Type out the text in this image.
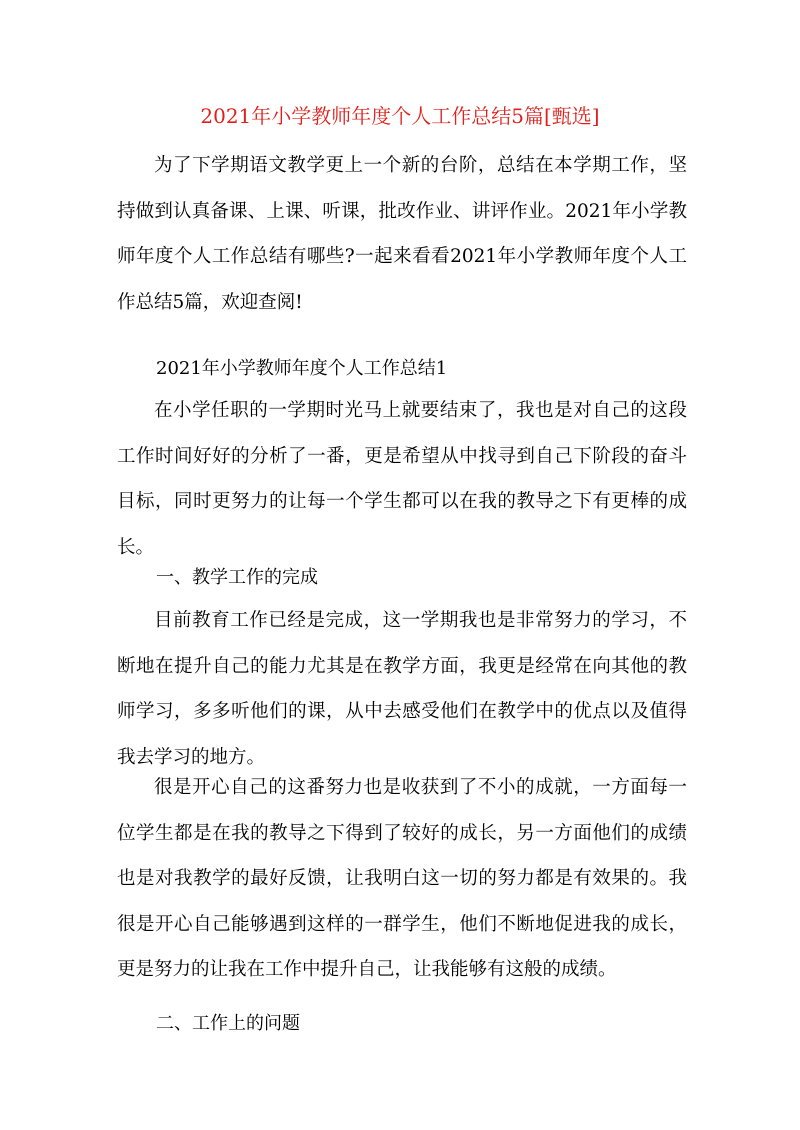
2021年小学教师年度个人工作总结5篇[甄选]

为了下学期语文教学更上一个新的台阶，总结在本学期工作，坚持做到认真备课、上课、听课，批改作业、讲评作业。2021年小学教师年度个人工作总结有哪些?一起来看看2021年小学教师年度个人工作总结5篇，欢迎查阅!

2021年小学教师年度个人工作总结1

在小学任职的一学期时光马上就要结束了，我也是对自己的这段工作时间好好的分析了一番，更是希望从中找寻到自己下阶段的奋斗目标，同时更努力的让每一个学生都可以在我的教导之下有更棒的成长。

一、教学工作的完成

目前教育工作已经是完成，这一学期我也是非常努力的学习，不断地在提升自己的能力尤其是在教学方面，我更是经常在向其他的教师学习，多多听他们的课，从中去感受他们在教学中的优点以及值得我去学习的地方。

很是开心自己的这番努力也是收获到了不小的成就，一方面每一位学生都是在我的教导之下得到了较好的成长，另一方面他们的成绩也是对我教学的最好反馈，让我明白这一切的努力都是有效果的。我很是开心自己能够遇到这样的一群学生，他们不断地促进我的成长，更是努力的让我在工作中提升自己，让我能够有这般的成绩。

二、工作上的问题
